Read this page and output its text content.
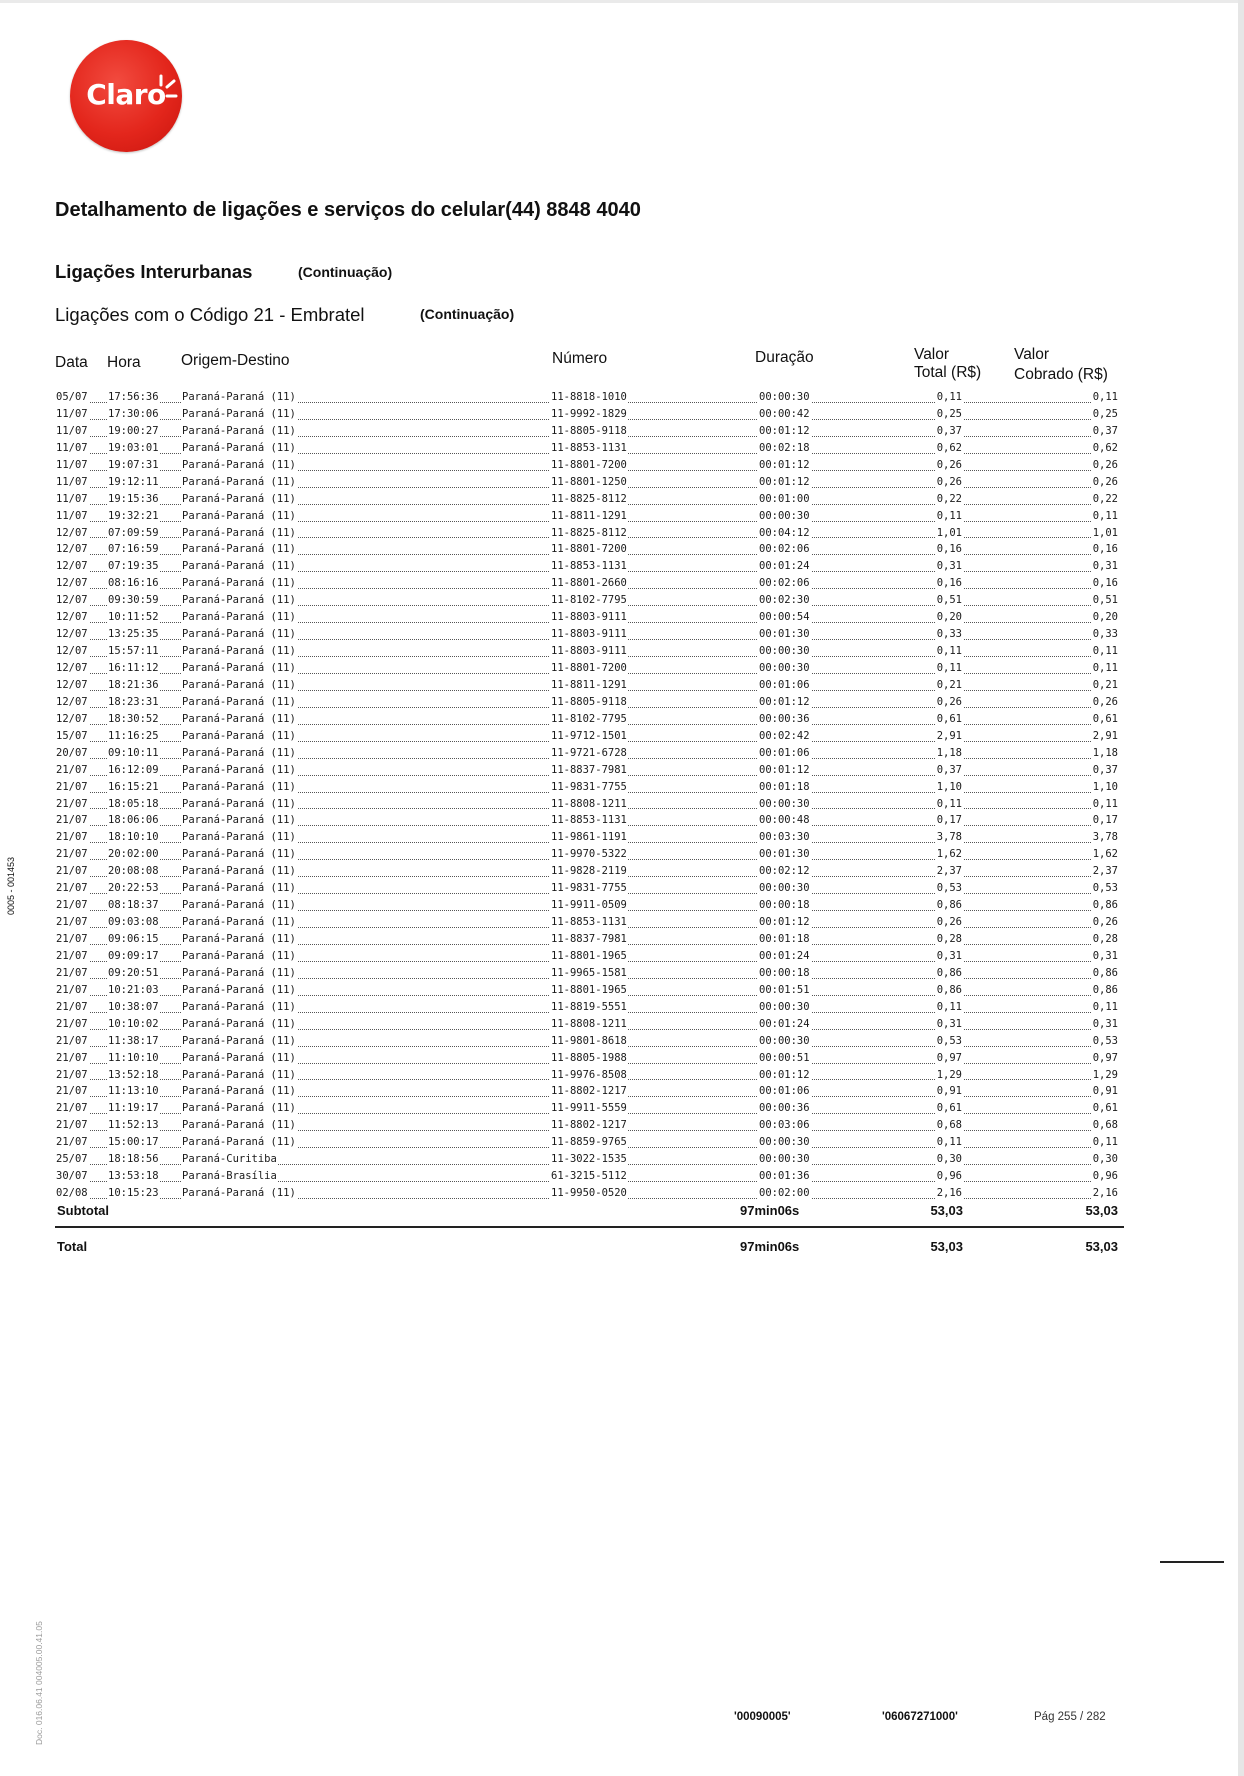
Claro
Detalhamento de ligações e serviços do celular(44) 8848 4040
Ligações Interurbanas	(Continuação)
Ligações com o Código 21 - Embratel	(Continuação)
Data Hora	Origem-Destino	Número	Duração	Valor
Total (R$)
Valor
Cobrado (R$)
05/07 17:56:36 Paraná-Paraná (11)	11-8818-1010	00:00:30	0,11	0,11
11/07 17:30:06 Paraná-Paraná (11)	11-9992-1829	00:00:42	0,25	0,25
11/07 19:00:27 Paraná-Paraná (11)	11-8805-9118	00:01:12	0,37	0,37
11/07 19:03:01 Paraná-Paraná (11)	11-8853-1131	00:02:18	0,62	0,62
11/07 19:07:31 Paraná-Paraná (11)	11-8801-7200	00:01:12	0,26	0,26
11/07 19:12:11 Paraná-Paraná (11)	11-8801-1250	00:01:12	0,26	0,26
11/07 19:15:36 Paraná-Paraná (11)	11-8825-8112	00:01:00	0,22	0,22
11/07 19:32:21 Paraná-Paraná (11)	11-8811-1291	00:00:30	0,11	0,11
12/07 07:09:59 Paraná-Paraná (11)	11-8825-8112	00:04:12	1,01	1,01
12/07 07:16:59 Paraná-Paraná (11)	11-8801-7200	00:02:06	0,16	0,16
12/07 07:19:35 Paraná-Paraná (11)	11-8853-1131	00:01:24	0,31	0,31
12/07 08:16:16 Paraná-Paraná (11)	11-8801-2660	00:02:06	0,16	0,16
12/07 09:30:59 Paraná-Paraná (11)	11-8102-7795	00:02:30	0,51	0,51
12/07 10:11:52 Paraná-Paraná (11)	11-8803-9111	00:00:54	0,20	0,20
12/07 13:25:35 Paraná-Paraná (11)	11-8803-9111	00:01:30	0,33	0,33
12/07 15:57:11 Paraná-Paraná (11)	11-8803-9111	00:00:30	0,11	0,11
12/07 16:11:12 Paraná-Paraná (11)	11-8801-7200	00:00:30	0,11	0,11
12/07 18:21:36 Paraná-Paraná (11)	11-8811-1291	00:01:06	0,21	0,21
12/07 18:23:31 Paraná-Paraná (11)	11-8805-9118	00:01:12	0,26	0,26
12/07 18:30:52 Paraná-Paraná (11)	11-8102-7795	00:00:36	0,61	0,61
15/07 11:16:25 Paraná-Paraná (11)	11-9712-1501	00:02:42	2,91	2,91
20/07 09:10:11 Paraná-Paraná (11)	11-9721-6728	00:01:06	1,18	1,18
21/07 16:12:09 Paraná-Paraná (11)	11-8837-7981	00:01:12	0,37	0,37
21/07 16:15:21 Paraná-Paraná (11)	11-9831-7755	00:01:18	1,10	1,10
21/07 18:05:18 Paraná-Paraná (11)	11-8808-1211	00:00:30	0,11	0,11
21/07 18:06:06 Paraná-Paraná (11)	11-8853-1131	00:00:48	0,17	0,17
21/07 18:10:10 Paraná-Paraná (11)	11-9861-1191	00:03:30	3,78	3,78
21/07 20:02:00 Paraná-Paraná (11)	11-9970-5322	00:01:30	1,62	1,62
21/07 20:08:08 Paraná-Paraná (11)	11-9828-2119	00:02:12	2,37	2,37
21/07 20:22:53 Paraná-Paraná (11)	11-9831-7755	00:00:30	0,53	0,53
21/07 08:18:37 Paraná-Paraná (11)	11-9911-0509	00:00:18	0,86	0,86
21/07 09:03:08 Paraná-Paraná (11)	11-8853-1131	00:01:12	0,26	0,26
21/07 09:06:15 Paraná-Paraná (11)	11-8837-7981	00:01:18	0,28	0,28
21/07 09:09:17 Paraná-Paraná (11)	11-8801-1965	00:01:24	0,31	0,31
21/07 09:20:51 Paraná-Paraná (11)	11-9965-1581	00:00:18	0,86	0,86
21/07 10:21:03 Paraná-Paraná (11)	11-8801-1965	00:01:51	0,86	0,86
21/07 10:38:07 Paraná-Paraná (11)	11-8819-5551	00:00:30	0,11	0,11
21/07 10:10:02 Paraná-Paraná (11)	11-8808-1211	00:01:24	0,31	0,31
21/07 11:38:17 Paraná-Paraná (11)	11-9801-8618	00:00:30	0,53	0,53
21/07 11:10:10 Paraná-Paraná (11)	11-8805-1988	00:00:51	0,97	0,97
21/07 13:52:18 Paraná-Paraná (11)	11-9976-8508	00:01:12	1,29	1,29
21/07 11:13:10 Paraná-Paraná (11)	11-8802-1217	00:01:06	0,91	0,91
21/07 11:19:17 Paraná-Paraná (11)	11-9911-5559	00:00:36	0,61	0,61
21/07 11:52:13 Paraná-Paraná (11)	11-8802-1217	00:03:06	0,68	0,68
21/07 15:00:17 Paraná-Paraná (11)	11-8859-9765	00:00:30	0,11	0,11
25/07 18:18:56 Paraná-Curitiba	11-3022-1535	00:00:30	0,30	0,30
30/07 13:53:18 Paraná-Brasília	61-3215-5112	00:01:36	0,96	0,96
02/08 10:15:23 Paraná-Paraná (11)	11-9950-0520	00:02:00	2,16	2,16
Subtotal	97min06s	53,03	53,03
Total	97min06s	53,03	53,03
0005 - 001453
Doc. 016.06.41 004005.00.41.05	'00090005'	'06067271000'	Pág 255 / 282
